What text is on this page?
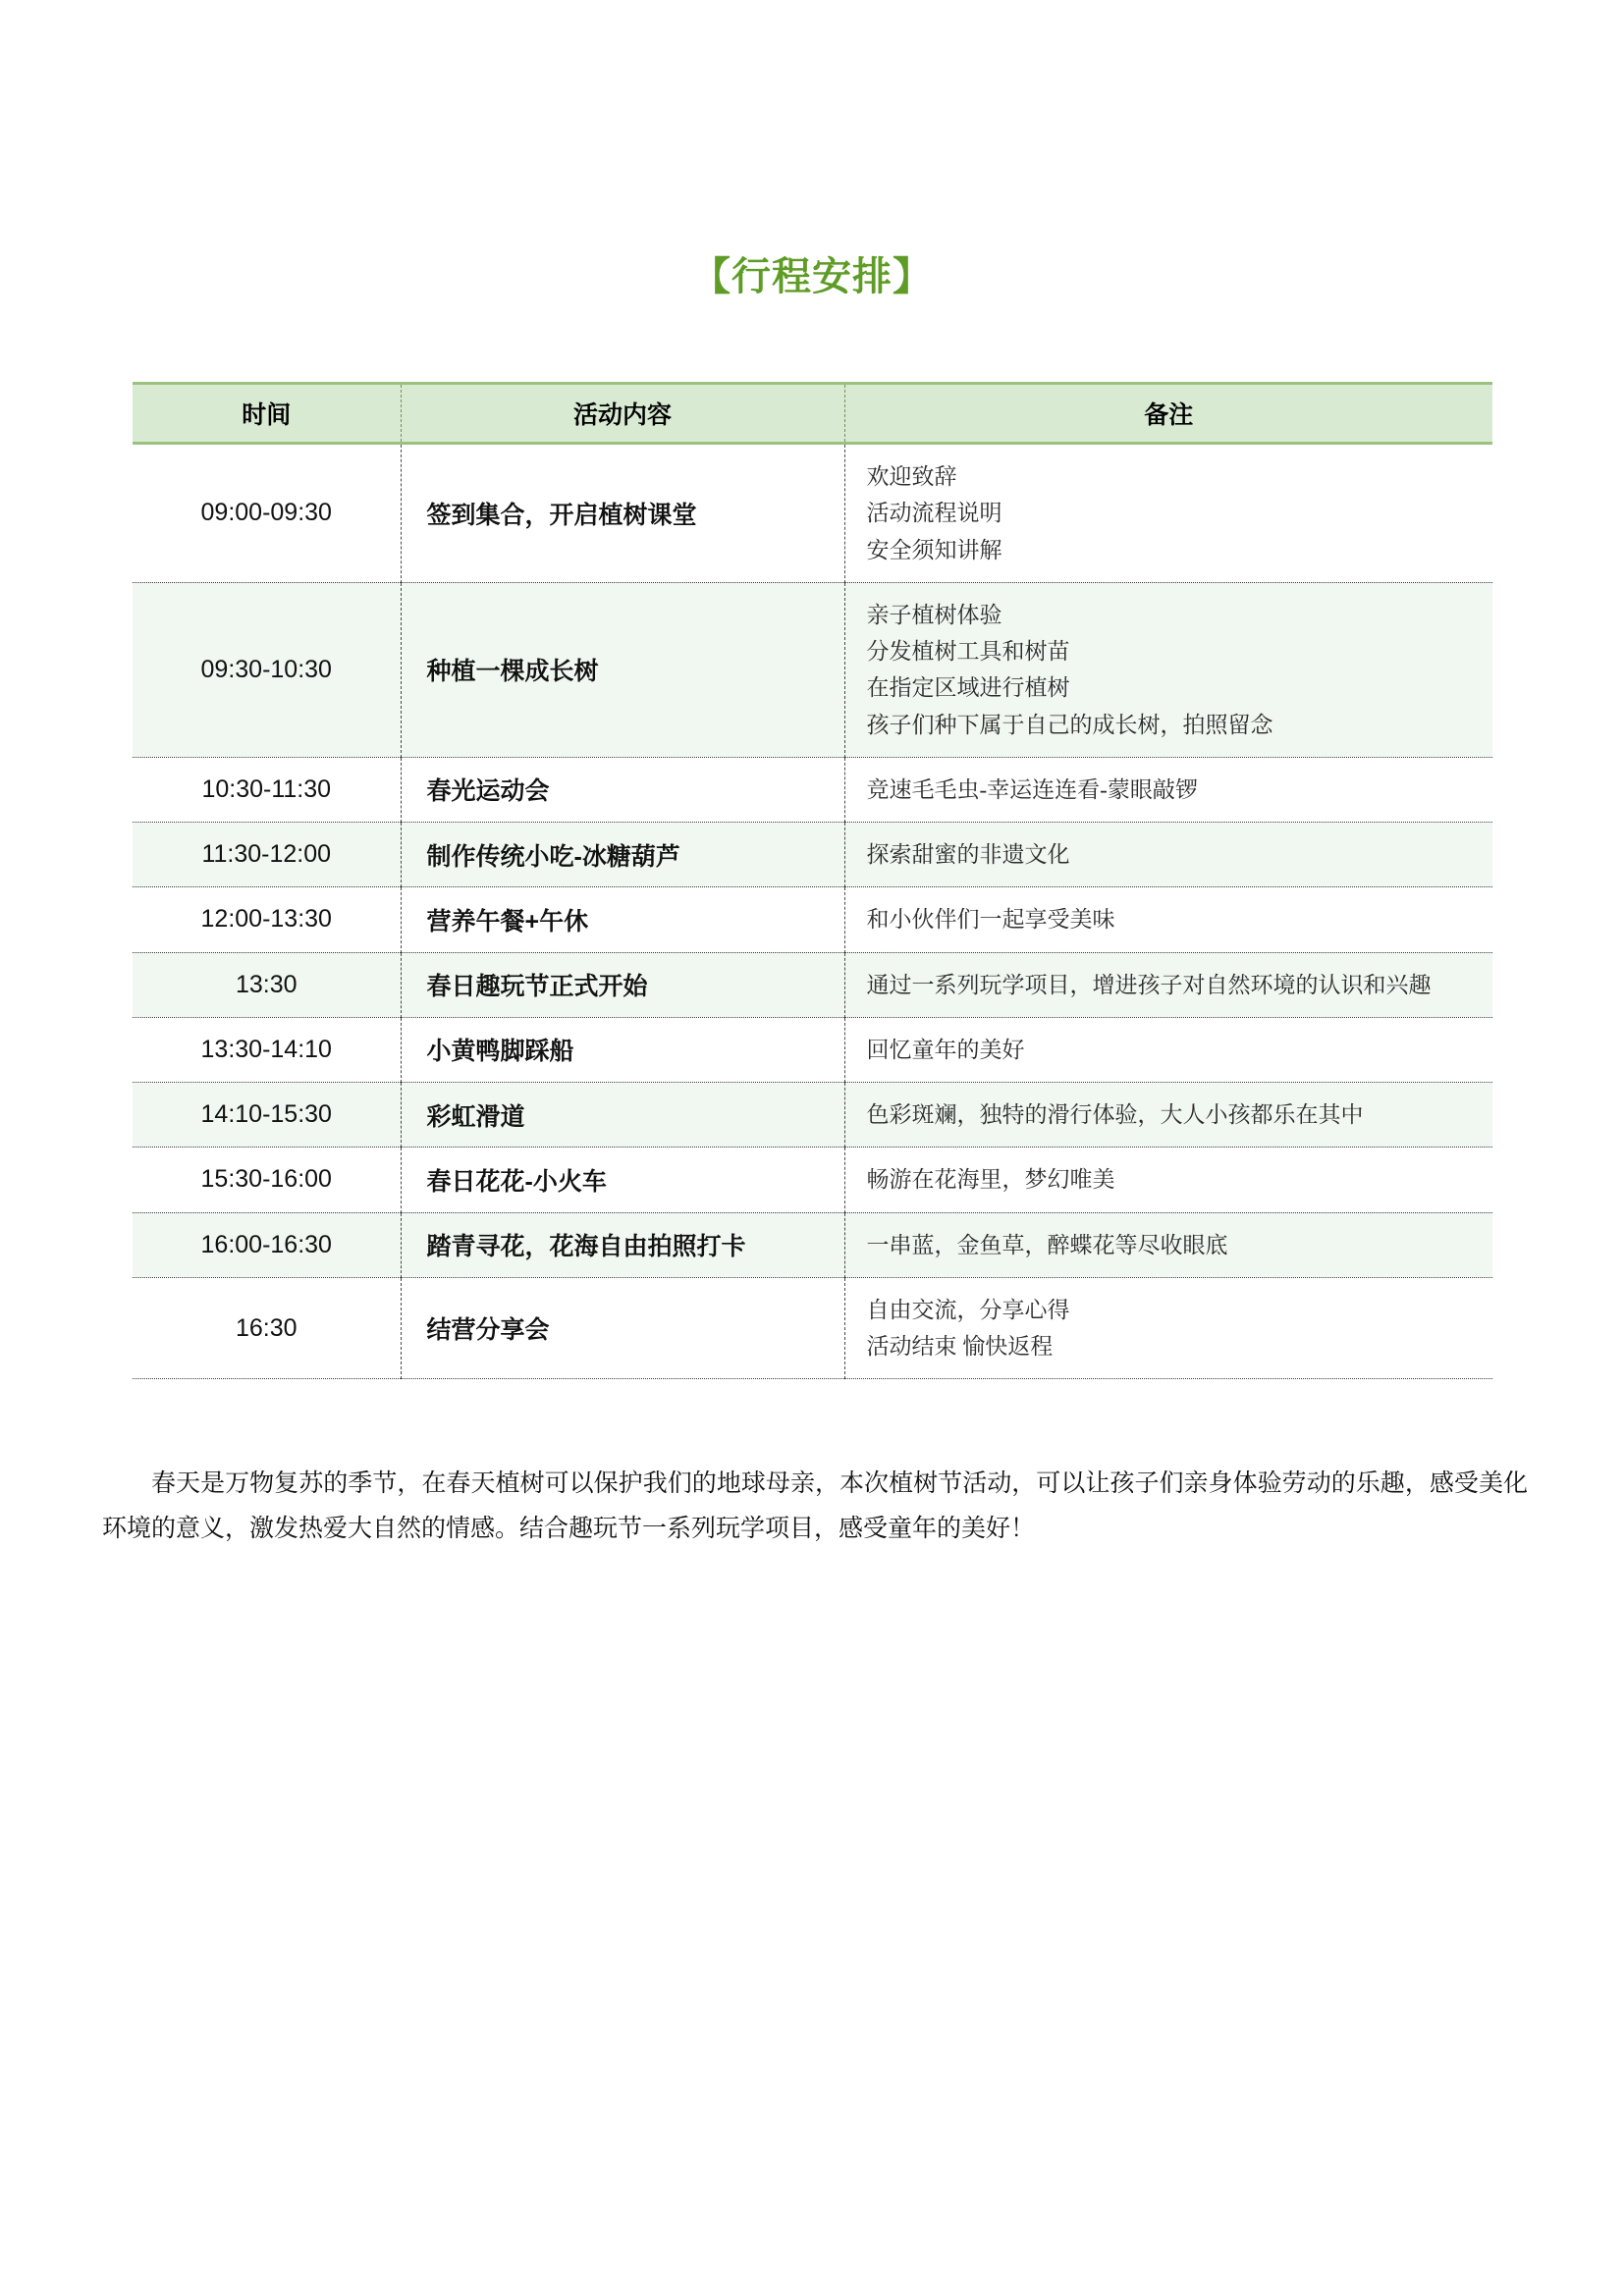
【行程安排】
时间	活动内容	备注
09:00-09:30	签到集合，开启植树课堂	欢迎致辞
活动流程说明
安全须知讲解

09:30-10:30	种植一棵成长树	亲子植树体验
分发植树工具和树苗
在指定区域进行植树
孩子们种下属于自己的成长树，拍照留念

10:30-11:30	春光运动会	竞速毛毛虫-幸运连连看-蒙眼敲锣

11:30-12:00	制作传统小吃-冰糖葫芦	探索甜蜜的非遗文化

12:00-13:30	营养午餐+午休	和小伙伴们一起享受美味

13:30	春日趣玩节正式开始	通过一系列玩学项目，增进孩子对自然环境的认识和兴趣

13:30-14:10	小黄鸭脚踩船	回忆童年的美好

14:10-15:30	彩虹滑道	色彩斑斓，独特的滑行体验，大人小孩都乐在其中

15:30-16:00	春日花花-小火车	畅游在花海里，梦幻唯美

16:00-16:30	踏青寻花，花海自由拍照打卡	一串蓝，金鱼草，醉蝶花等尽收眼底

16:30	结营分享会	自由交流，分享心得
活动结束 愉快返程
春天是万物复苏的季节，在春天植树可以保护我们的地球母亲，本次植树节活动，可以让孩子们亲身体验劳动的乐趣，感受美化环境的意义，激发热爱大自然的情感。结合趣玩节一系列玩学项目，感受童年的美好！
